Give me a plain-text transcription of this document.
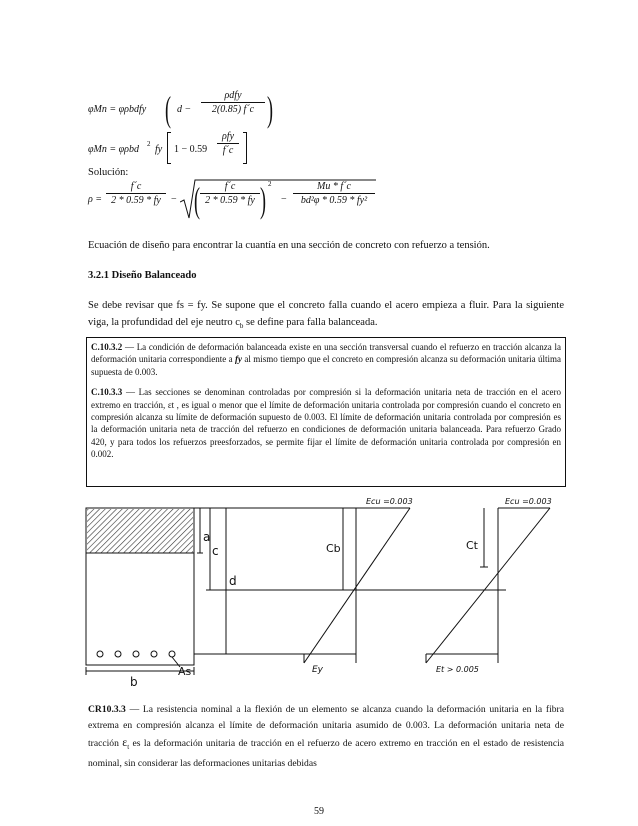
φMn = φρbdfy ( d −
ρdfy
2(0.85) f´c )
φMn = φρbd 2 fy 1 − 0.59
ρfy
f´c
Solución:
ρ =
f´c
2 * 0.59 * fy	− (	f´c
2 * 0.59 * fy ) 2
−
Mu * f´c
bd²φ * 0.59 * fy²
Ecuación de diseño para encontrar la cuantía en una sección de concreto con refuerzo a tensión.
3.2.1 Diseño Balanceado
Se debe revisar que fs = fy. Se supone que el concreto falla cuando el acero empieza a fluir. Para la siguiente viga, la profundidad del eje neutro $c_b$ se define para falla balanceada.

C.10.3.2 — La condición de deformación balanceada existe en una sección transversal cuando el refuerzo en tracción alcanza la deformación unitaria correspondiente a fy al mismo tiempo que el concreto en compresión alcanza su deformación unitaria última supuesta de 0.003.

C.10.3.3 — Las secciones se denominan controladas por compresión si la deformación unitaria neta de tracción en el acero extremo en tracción, εt , es igual o menor que el límite de deformación unitaria controlada por compresión cuando el concreto en compresión alcanza su límite de deformación supuesto de 0.003. El límite de deformación unitaria controlada por compresión es la deformación unitaria neta de tracción del refuerzo en condiciones de deformación unitaria balanceada. Para refuerzo Grado 420, y para todos los refuerzos preesforzados, se permite fijar el límite de deformación unitaria controlada por compresión en 0.002.

a
c
d
b
As
Cb	Ct
Ecu =0.003	Ecu =0.003
Ey	Et > 0.005
CR10.3.3 — La resistencia nominal a la flexión de un elemento se alcanza cuando la deformación unitaria en la fibra extrema en compresión alcanza el límite de deformación unitaria asumido de 0.003. La deformación unitaria neta de tracción $\varepsilon_t$ es la deformación unitaria de tracción en el refuerzo de acero extremo en tracción en el estado de resistencia nominal, sin considerar las deformaciones unitarias debidas
59
